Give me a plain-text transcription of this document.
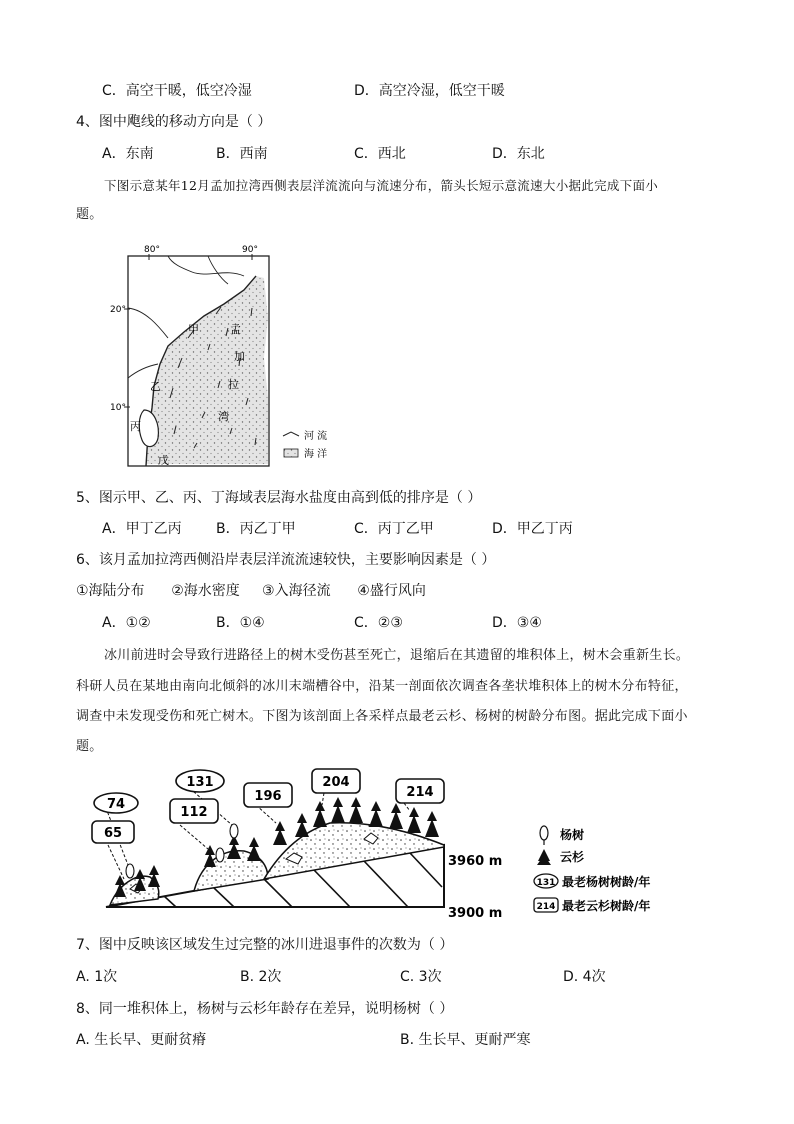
C．高空干暖，低空冷湿	D．高空冷湿，低空干暖
4、图中飑线的移动方向是（ ）
A．东南	B．西南	C．西北	D．东北
下图示意某年12月孟加拉湾西侧表层洋流流向与流速分布，箭头长短示意流速大小据此完成下面小
题。
80°	90°
20°
10°
甲
乙
丙
戊
孟
加
拉
湾
河 流
海 洋
5、图示甲、乙、丙、丁海域表层海水盐度由高到低的排序是（ ）
A．甲丁乙丙 B．丙乙丁甲	C．丙丁乙甲	D．甲乙丁丙
6、该月孟加拉湾西侧沿岸表层洋流流速较快，主要影响因素是（ ）
①海陆分布      ②海水密度     ③入海径流      ④盛行风向
A．①②	B．①④	C．②③	D．③④
冰川前进时会导致行进路径上的树木受伤甚至死亡，退缩后在其遗留的堆积体上，树木会重新生长。
科研人员在某地由南向北倾斜的冰川末端槽谷中，沿某一剖面依次调查各垄状堆积体上的树木分布特征，
调查中未发现受伤和死亡树木。下图为该剖面上各采样点最老云杉、杨树的树龄分布图。据此完成下面小
题。
74
131
65
112
196
204
214
3960 m
3900 m
杨树
云杉
131 最老杨树树龄/年
214 最老云杉树龄/年
7、图中反映该区域发生过完整的冰川进退事件的次数为（ ）
A. 1次	B. 2次	C. 3次	D. 4次
8、同一堆积体上，杨树与云杉年龄存在差异，说明杨树（ ）
A. 生长早、更耐贫瘠	B. 生长早、更耐严寒
